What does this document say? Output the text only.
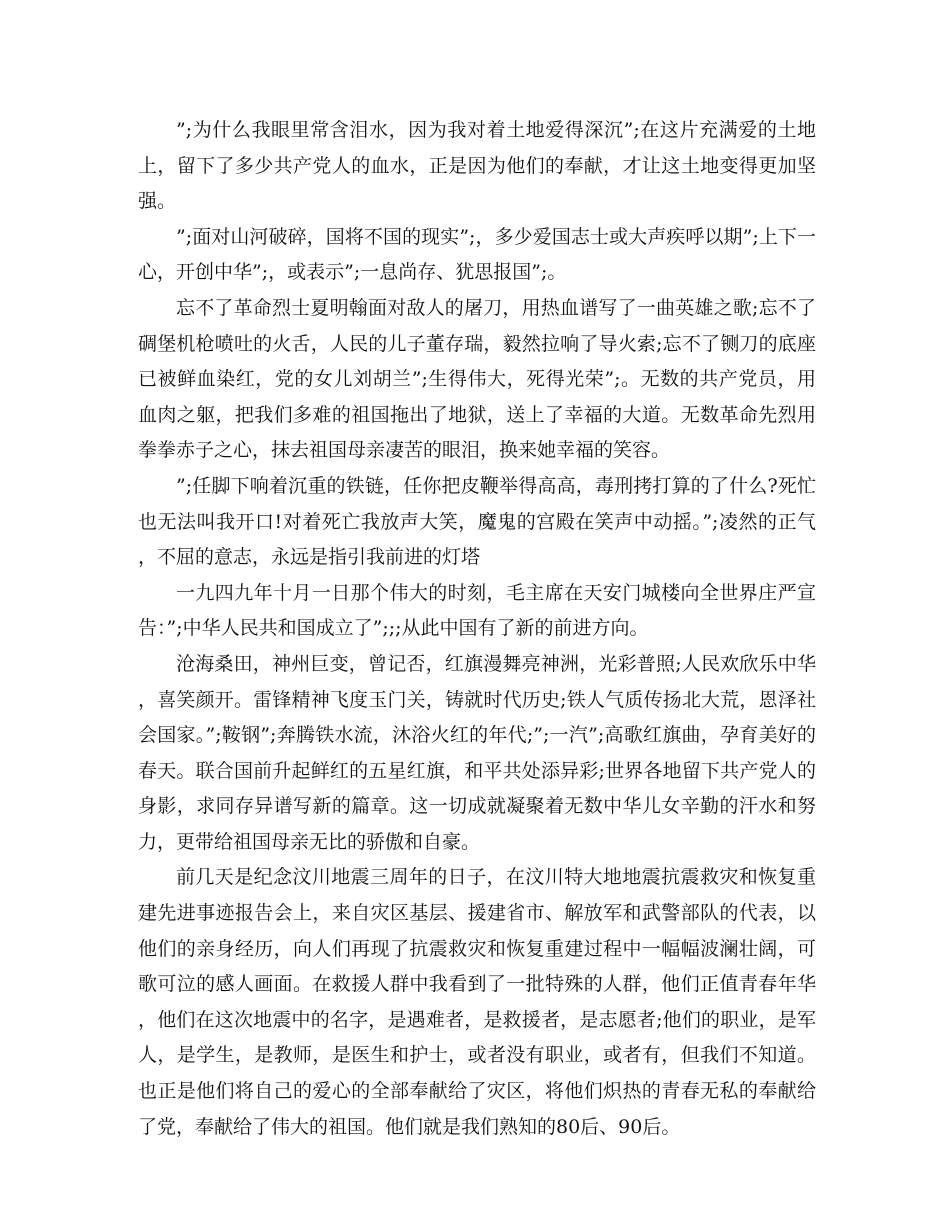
”;为什么我眼里常含泪水，因为我对着土地爱得深沉”;在这片充满爱的土地上，留下了多少共产党人的血水，正是因为他们的奉献，才让这土地变得更加坚强。

”;面对山河破碎，国将不国的现实”;，多少爱国志士或大声疾呼以期”;上下一心，开创中华”;，或表示”;一息尚存、犹思报国”;。

忘不了革命烈士夏明翰面对敌人的屠刀，用热血谱写了一曲英雄之歌;忘不了碉堡机枪喷吐的火舌，人民的儿子董存瑞，毅然拉响了导火索;忘不了铡刀的底座已被鲜血染红，党的女儿刘胡兰”;生得伟大，死得光荣”;。无数的共产党员，用血肉之躯，把我们多难的祖国拖出了地狱，送上了幸福的大道。无数革命先烈用拳拳赤子之心，抹去祖国母亲凄苦的眼泪，换来她幸福的笑容。

”;任脚下响着沉重的铁链，任你把皮鞭举得高高，毒刑拷打算的了什么?死忙也无法叫我开口!对着死亡我放声大笑，魔鬼的宫殿在笑声中动摇。”;凌然的正气，不屈的意志，永远是指引我前进的灯塔

一九四九年十月一日那个伟大的时刻，毛主席在天安门城楼向全世界庄严宣告：”;中华人民共和国成立了”;;;从此中国有了新的前进方向。

沧海桑田，神州巨变，曾记否，红旗漫舞亮神洲，光彩普照;人民欢欣乐中华，喜笑颜开。雷锋精神飞度玉门关，铸就时代历史;铁人气质传扬北大荒，恩泽社会国家。”;鞍钢”;奔腾铁水流，沐浴火红的年代;”;一汽”;高歌红旗曲，孕育美好的春天。联合国前升起鲜红的五星红旗，和平共处添异彩;世界各地留下共产党人的身影，求同存异谱写新的篇章。这一切成就凝聚着无数中华儿女辛勤的汗水和努力，更带给祖国母亲无比的骄傲和自豪。

前几天是纪念汶川地震三周年的日子，在汶川特大地地震抗震救灾和恢复重建先进事迹报告会上，来自灾区基层、援建省市、解放军和武警部队的代表，以他们的亲身经历，向人们再现了抗震救灾和恢复重建过程中一幅幅波澜壮阔，可歌可泣的感人画面。在救援人群中我看到了一批特殊的人群，他们正值青春年华，他们在这次地震中的名字，是遇难者，是救援者，是志愿者;他们的职业，是军人，是学生，是教师，是医生和护士，或者没有职业，或者有，但我们不知道。也正是他们将自己的爱心的全部奉献给了灾区，将他们炽热的青春无私的奉献给了党，奉献给了伟大的祖国。他们就是我们熟知的80后、90后。
